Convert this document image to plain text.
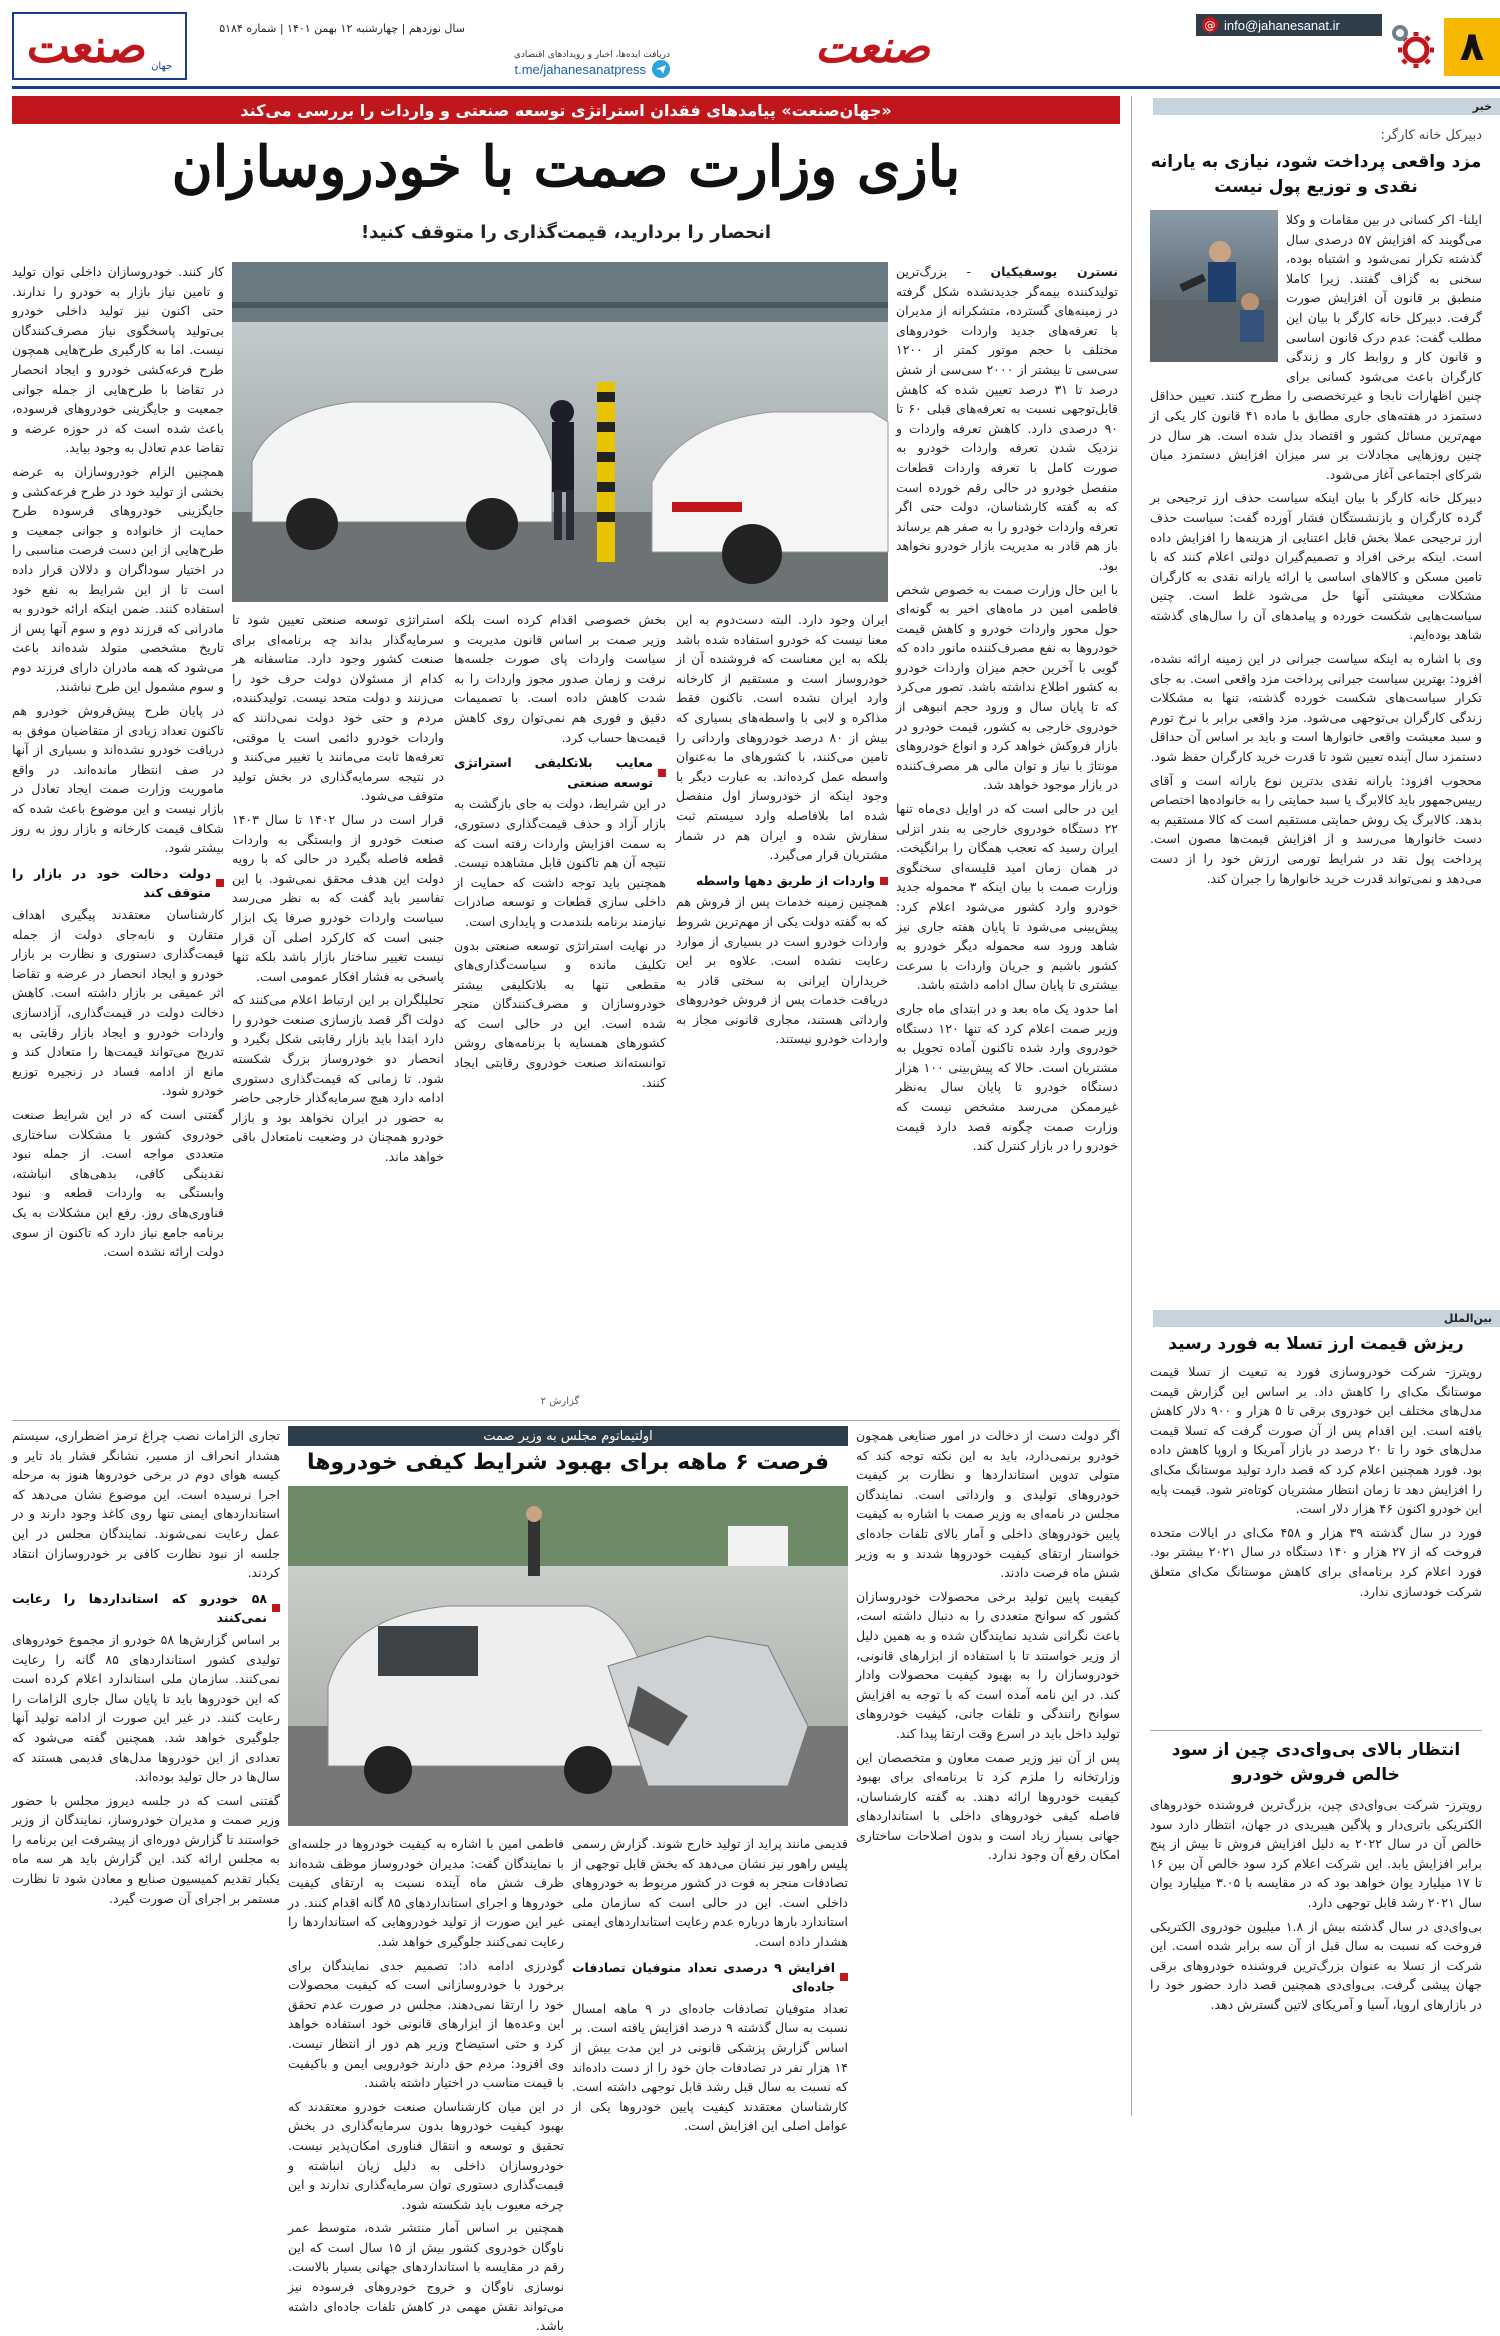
۸
@ info@jahanesanat.ir
صنعت
دریافت ایده‌ها، اخبار و رویدادهای اقتصادی
t.me/jahanesanatpress
سال نوزدهم | چهارشنبه ۱۲ بهمن ۱۴۰۱ | شماره ۵۱۸۴
جهان
صنعت
خبر
دبیرکل خانه کارگر:
مزد واقعی پرداخت شود، نیازی به یارانه نقدی و توزیع پول نیست

ایلنا- اکر کسانی در بین مقامات و وکلا می‌گویند که افزایش ۵۷ درصدی سال گذشته تکرار نمی‌شود و اشتباه بوده، سخنی به گزاف گفتند. زیرا کاملا منطبق بر قانون آن افزایش صورت گرفت. دبیرکل خانه کارگر با بیان این مطلب گفت: عدم درک قانون اساسی و قانون کار و روابط کار و زندگی کارگران باعث می‌شود کسانی برای چنین اظهارات نابجا و غیرتخصصی را مطرح کنند. تعیین حداقل دستمزد در هفته‌های جاری مطابق با ماده ۴۱ قانون کار یکی از مهم‌ترین مسائل کشور و اقتصاد بدل شده است. هر سال در چنین روزهایی مجادلات بر سر میزان افزایش دستمزد میان شرکای اجتماعی آغاز می‌شود.

دبیرکل خانه کارگر با بیان اینکه سیاست حذف ارز ترجیحی بر گرده کارگران و بازنشستگان فشار آورده گفت: سیاست حذف ارز ترجیحی عملا بخش قابل اعتنایی از هزینه‌ها را افزایش داده است. اینکه برخی افراد و تصمیم‌گیران دولتی اعلام کنند که با تامین مسکن و کالاهای اساسی یا ارائه یارانه نقدی به کارگران مشکلات معیشتی آنها حل می‌شود غلط است. چنین سیاست‌هایی شکست خورده و پیامدهای آن را سال‌های گذشته شاهد بوده‌ایم.

وی با اشاره به اینکه سیاست جبرانی در این زمینه ارائه نشده، افزود: بهترین سیاست جبرانی پرداخت مزد واقعی است. به جای تکرار سیاست‌های شکست خورده گذشته، تنها به مشکلات زندگی کارگران بی‌توجهی می‌شود. مزد واقعی برابر با نرخ تورم و سبد معیشت واقعی خانوارها است و باید بر اساس آن حداقل دستمزد سال آینده تعیین شود تا قدرت خرید کارگران حفظ شود.

محجوب افزود: یارانه نقدی بدترین نوع یارانه است و آقای رییس‌جمهور باید کالابرگ یا سبد حمایتی را به خانواده‌ها اختصاص بدهد. کالابرگ یک روش حمایتی مستقیم است که کالا مستقیم به دست خانوارها می‌رسد و از افزایش قیمت‌ها مصون است. پرداخت پول نقد در شرایط تورمی ارزش خود را از دست می‌دهد و نمی‌تواند قدرت خرید خانوارها را جبران کند.

بین‌الملل
ریزش قیمت ارز تسلا به فورد رسید

رویترز- شرکت خودروسازی فورد به تبعیت از تسلا قیمت موستانگ مک‌ای را کاهش داد. بر اساس این گزارش قیمت مدل‌های مختلف این خودروی برقی تا ۵ هزار و ۹۰۰ دلار کاهش یافته است. این اقدام پس از آن صورت گرفت که تسلا قیمت مدل‌های خود را تا ۲۰ درصد در بازار آمریکا و اروپا کاهش داده بود. فورد همچنین اعلام کرد که قصد دارد تولید موستانگ مک‌ای را افزایش دهد تا زمان انتظار مشتریان کوتاه‌تر شود. قیمت پایه این خودرو اکنون ۴۶ هزار دلار است.

فورد در سال گذشته ۳۹ هزار و ۴۵۸ مک‌ای در ایالات متحده فروخت که از ۲۷ هزار و ۱۴۰ دستگاه در سال ۲۰۲۱ بیشتر بود. فورد اعلام کرد برنامه‌ای برای کاهش موستانگ مک‌ای متعلق شرکت خودسازی ندارد.

انتظار بالای بی‌وای‌دی چین از سود خالص فروش خودرو

رویترز- شرکت بی‌وای‌دی چین، بزرگ‌ترین فروشنده خودروهای الکتریکی باتری‌دار و پلاگین هیبریدی در جهان، انتظار دارد سود خالص آن در سال ۲۰۲۲ به دلیل افزایش فروش تا بیش از پنج برابر افزایش یابد. این شرکت اعلام کرد سود خالص آن بین ۱۶ تا ۱۷ میلیارد یوان خواهد بود که در مقایسه با ۳.۰۵ میلیارد یوان سال ۲۰۲۱ رشد قابل توجهی دارد.

بی‌وای‌دی در سال گذشته بیش از ۱.۸ میلیون خودروی الکتریکی فروخت که نسبت به سال قبل از آن سه برابر شده است. این شرکت از تسلا به عنوان بزرگ‌ترین فروشنده خودروهای برقی جهان پیشی گرفت. بی‌وای‌دی همچنین قصد دارد حضور خود را در بازارهای اروپا، آسیا و آمریکای لاتین گسترش دهد.

«جهان‌صنعت» پیامدهای فقدان استراتژی توسعه صنعتی و واردات را بررسی می‌کند
بازی وزارت صمت با خودروسازان
انحصار را بردارید، قیمت‌گذاری را متوقف کنید!

نسترن یوسفیکیان - بزرگ‌ترین تولیدکننده بیمه‌گر جدیدنشده شکل گرفته در زمینه‌های گسترده، متشکرانه از مدیران با تعرفه‌های جدید واردات خودروهای مختلف با حجم موتور کمتر از ۱۲۰۰ سی‌سی تا بیشتر از ۲۰۰۰ سی‌سی از شش درصد تا ۳۱ درصد تعیین شده که کاهش قابل‌توجهی نسبت به تعرفه‌های قبلی ۶۰ تا ۹۰ درصدی دارد. کاهش تعرفه واردات و نزدیک شدن تعرفه واردات خودرو به صورت کامل با تعرفه واردات قطعات منفصل خودرو در حالی رقم خورده است که به گفته کارشناسان، دولت حتی اگر تعرفه واردات خودرو را به صفر هم برساند باز هم قادر به مدیریت بازار خودرو نخواهد بود.

با این حال وزارت صمت به خصوص شخص فاطمی امین در ماه‌های اخیر به گونه‌ای حول محور واردات خودرو و کاهش قیمت خودروها به نفع مصرف‌کننده مانور داده که گویی با آخرین حجم میزان واردات خودرو به کشور اطلاع نداشته باشد. تصور می‌کرد که تا پایان سال و ورود حجم انبوهی از خودروی خارجی به کشور، قیمت خودرو در بازار فروکش خواهد کرد و انواع خودروهای مونتاژ با نیاز و توان مالی هر مصرف‌کننده در بازار موجود خواهد شد.

این در حالی است که در اوایل دی‌ماه تنها ۲۲ دستگاه خودروی خارجی به بندر انزلی ایران رسید که تعجب همگان را برانگیخت. در همان زمان امید قلیسه‌ای سخنگوی وزارت صمت با بیان اینکه ۳ محموله جدید خودرو وارد کشور می‌شود اعلام کرد: پیش‌بینی می‌شود تا پایان هفته جاری نیز شاهد ورود سه محموله دیگر خودرو به کشور باشیم و جریان واردات با سرعت بیشتری تا پایان سال ادامه داشته باشد.

اما حدود یک ماه بعد و در ابتدای ماه جاری وزیر صمت اعلام کرد که تنها ۱۲۰ دستگاه خودروی وارد شده تاکنون آماده تحویل به مشتریان است. حالا که پیش‌بینی ۱۰۰ هزار دستگاه خودرو تا پایان سال به‌نظر غیرممکن می‌رسد مشخص نیست که وزارت صمت چگونه قصد دارد قیمت خودرو را در بازار کنترل کند.

ایران وجود دارد. البته دست‌دوم به این معنا نیست که خودرو استفاده شده باشد بلکه به این معناست که فروشنده آن از خودروساز است و مستقیم از کارخانه وارد ایران نشده است. تاکنون فقط مذاکره و لابی با واسطه‌های بسیاری که بیش از ۸۰ درصد خودروهای وارداتی را تامین می‌کنند، با کشورهای ما به‌عنوان واسطه عمل کرده‌اند. به عبارت دیگر با وجود اینکه از خودروساز اول منفصل شده اما بلافاصله وارد سیستم ثبت سفارش شده و ایران هم در شمار مشتریان قرار می‌گیرد.

واردات از طریق دهها واسطه

همچنین زمینه خدمات پس از فروش هم که به گفته دولت یکی از مهم‌ترین شروط واردات خودرو است در بسیاری از موارد رعایت نشده است. علاوه بر این خریداران ایرانی به سختی قادر به دریافت خدمات پس از فروش خودروهای وارداتی هستند، مجاری قانونی مجاز به واردات خودرو نیستند.

بخش خصوصی اقدام کرده است بلکه وزیر صمت بر اساس قانون مدیریت و سیاست واردات پای صورت جلسه‌ها نرفت و زمان صدور مجوز واردات را به شدت کاهش داده است. با تصمیمات دقیق و فوری هم نمی‌توان روی کاهش قیمت‌ها حساب کرد.

معایب بلاتکلیفی استراتژی توسعه صنعتی

در این شرایط، دولت به جای بازگشت به بازار آزاد و حذف قیمت‌گذاری دستوری، به سمت افزایش واردات رفته است که نتیجه آن هم تاکنون قابل مشاهده نیست. همچنین باید توجه داشت که حمایت از داخلی سازی قطعات و توسعه صادرات نیازمند برنامه بلندمدت و پایداری است.

در نهایت استراتژی توسعه صنعتی بدون تکلیف مانده و سیاست‌گذاری‌های مقطعی تنها به بلاتکلیفی بیشتر خودروسازان و مصرف‌کنندگان منجر شده است. این در حالی است که کشورهای همسایه با برنامه‌های روشن توانسته‌اند صنعت خودروی رقابتی ایجاد کنند.

استراتژی توسعه صنعتی تعیین شود تا سرمایه‌گذار بداند چه برنامه‌ای برای صنعت کشور وجود دارد. متاسفانه هر کدام از مسئولان دولت حرف خود را می‌زنند و دولت متحد نیست. تولیدکننده، مردم و حتی خود دولت نمی‌دانند که واردات خودرو دائمی است یا موقتی، تعرفه‌ها ثابت می‌مانند یا تغییر می‌کنند و در نتیجه سرمایه‌گذاری در بخش تولید متوقف می‌شود.

قرار است در سال ۱۴۰۲ تا سال ۱۴۰۳ صنعت خودرو از وابستگی به واردات قطعه فاصله بگیرد در حالی که با رویه دولت این هدف محقق نمی‌شود. با این تفاسیر باید گفت که به نظر می‌رسد سیاست واردات خودرو صرفا یک ابزار جنبی است که کارکرد اصلی آن قرار نیست تغییر ساختار بازار باشد بلکه تنها پاسخی به فشار افکار عمومی است.

تحلیلگران بر این ارتباط اعلام می‌کنند که دولت اگر قصد بازسازی صنعت خودرو را دارد ابتدا باید بازار رقابتی شکل بگیرد و انحصار دو خودروساز بزرگ شکسته شود. تا زمانی که قیمت‌گذاری دستوری ادامه دارد هیچ سرمایه‌گذار خارجی حاضر به حضور در ایران نخواهد بود و بازار خودرو همچنان در وضعیت نامتعادل باقی خواهد ماند.

کار کنند. خودروسازان داخلی توان تولید و تامین نیاز بازار به خودرو را ندارند. حتی اکنون نیز تولید داخلی خودرو بی‌تولید پاسخگوی نیاز مصرف‌کنندگان نیست. اما به کارگیری طرح‌هایی همچون طرح فرعه‌کشی خودرو و ایجاد انحصار در تقاضا با طرح‌هایی از جمله جوانی جمعیت و جایگزینی خودروهای فرسوده، باعث شده است که در حوزه عرضه و تقاضا عدم تعادل به وجود بیاید.

همچنین الزام خودروسازان به عرضه بخشی از تولید خود در طرح فرعه‌کشی و جایگزینی خودروهای فرسوده طرح حمایت از خانواده و جوانی جمعیت و طرح‌هایی از این دست فرصت مناسبی را در اختیار سوداگران و دلالان قرار داده است تا از این شرایط به نفع خود استفاده کنند. ضمن اینکه ارائه خودرو به مادرانی که فرزند دوم و سوم آنها پس از تاریخ مشخصی متولد شده‌اند باعث می‌شود که همه مادران دارای فرزند دوم و سوم مشمول این طرح نباشند.

در پایان طرح پیش‌فروش خودرو هم تاکنون تعداد زیادی از متقاضیان موفق به دریافت خودرو نشده‌اند و بسیاری از آنها در صف انتظار مانده‌اند. در واقع ماموریت وزارت صمت ایجاد تعادل در بازار نیست و این موضوع باعث شده که شکاف قیمت کارخانه و بازار روز به روز بیشتر شود.

دولت دخالت خود در بازار را متوقف کند

کارشناسان معتقدند پیگیری اهداف متقارن و نابه‌جای دولت از جمله قیمت‌گذاری دستوری و نظارت بر بازار خودرو و ایجاد انحصار در عرضه و تقاضا اثر عمیقی بر بازار داشته است. کاهش دخالت دولت در قیمت‌گذاری، آزادسازی واردات خودرو و ایجاد بازار رقابتی به تدریج می‌تواند قیمت‌ها را متعادل کند و مانع از ادامه فساد در زنجیره توزیع خودرو شود.

گفتنی است که در این شرایط صنعت خودروی کشور با مشکلات ساختاری متعددی مواجه است. از جمله نبود نقدینگی کافی، بدهی‌های انباشته، وابستگی به واردات قطعه و نبود فناوری‌های روز. رفع این مشکلات به یک برنامه جامع نیاز دارد که تاکنون از سوی دولت ارائه نشده است.

گزارش ۲
اولتیماتوم مجلس به وزیر صمت
فرصت ۶ ماهه برای بهبود شرایط کیفی خودروها

اگر دولت دست از دخالت در امور صنایعی همچون خودرو برنمی‌دارد، باید به این نکته توجه کند که متولی تدوین استانداردها و نظارت بر کیفیت خودروهای تولیدی و وارداتی است. نمایندگان مجلس در نامه‌ای به وزیر صمت با اشاره به کیفیت پایین خودروهای داخلی و آمار بالای تلفات جاده‌ای خواستار ارتقای کیفیت خودروها شدند و به وزیر شش ماه فرصت دادند.

کیفیت پایین تولید برخی محصولات خودروسازان کشور که سوانح متعددی را به دنبال داشته است، باعث نگرانی شدید نمایندگان شده و به همین دلیل از وزیر خواستند تا با استفاده از ابزارهای قانونی، خودروسازان را به بهبود کیفیت محصولات وادار کند. در این نامه آمده است که با توجه به افزایش سوانح رانندگی و تلفات جانی، کیفیت خودروهای تولید داخل باید در اسرع وقت ارتقا پیدا کند.

پس از آن نیز وزیر صمت معاون و متخصصان این وزارتخانه را ملزم کرد تا برنامه‌ای برای بهبود کیفیت خودروها ارائه دهند. به گفته کارشناسان، فاصله کیفی خودروهای داخلی با استانداردهای جهانی بسیار زیاد است و بدون اصلاحات ساختاری امکان رفع آن وجود ندارد.

قدیمی مانند پراید از تولید خارج شوند. گزارش رسمی پلیس راهور نیز نشان می‌دهد که بخش قابل توجهی از تصادفات منجر به فوت در کشور مربوط به خودروهای داخلی است. این در حالی است که سازمان ملی استاندارد بارها درباره عدم رعایت استانداردهای ایمنی هشدار داده است.

افزایش ۹ درصدی تعداد متوفیان تصادفات جاده‌ای

تعداد متوفیان تصادفات جاده‌ای در ۹ ماهه امسال نسبت به سال گذشته ۹ درصد افزایش یافته است. بر اساس گزارش پزشکی قانونی در این مدت بیش از ۱۴ هزار نفر در تصادفات جان خود را از دست داده‌اند که نسبت به سال قبل رشد قابل توجهی داشته است. کارشناسان معتقدند کیفیت پایین خودروها یکی از عوامل اصلی این افزایش است.

فاطمی امین با اشاره به کیفیت خودروها در جلسه‌ای با نمایندگان گفت: مدیران خودروساز موظف شده‌اند ظرف شش ماه آینده نسبت به ارتقای کیفیت خودروها و اجرای استانداردهای ۸۵ گانه اقدام کنند. در غیر این صورت از تولید خودروهایی که استانداردها را رعایت نمی‌کنند جلوگیری خواهد شد.

گودرزی ادامه داد: تصمیم جدی نمایندگان برای برخورد با خودروسازانی است که کیفیت محصولات خود را ارتقا نمی‌دهند. مجلس در صورت عدم تحقق این وعده‌ها از ابزارهای قانونی خود استفاده خواهد کرد و حتی استیضاح وزیر هم دور از انتظار نیست. وی افزود: مردم حق دارند خودرویی ایمن و باکیفیت با قیمت مناسب در اختیار داشته باشند.

در این میان کارشناسان صنعت خودرو معتقدند که بهبود کیفیت خودروها بدون سرمایه‌گذاری در بخش تحقیق و توسعه و انتقال فناوری امکان‌پذیر نیست. خودروسازان داخلی به دلیل زیان انباشته و قیمت‌گذاری دستوری توان سرمایه‌گذاری ندارند و این چرخه معیوب باید شکسته شود.

همچنین بر اساس آمار منتشر شده، متوسط عمر ناوگان خودروی کشور بیش از ۱۵ سال است که این رقم در مقایسه با استانداردهای جهانی بسیار بالاست. نوسازی ناوگان و خروج خودروهای فرسوده نیز می‌تواند نقش مهمی در کاهش تلفات جاده‌ای داشته باشد.

تجاری الزامات نصب چراغ ترمز اضطراری، سیستم هشدار انحراف از مسیر، نشانگر فشار باد تایر و کیسه هوای دوم در برخی خودروها هنوز به مرحله اجرا نرسیده است. این موضوع نشان می‌دهد که استانداردهای ایمنی تنها روی کاغذ وجود دارند و در عمل رعایت نمی‌شوند. نمایندگان مجلس در این جلسه از نبود نظارت کافی بر خودروسازان انتقاد کردند.

۵۸ خودرو که استانداردها را رعایت نمی‌کنند

بر اساس گزارش‌ها ۵۸ خودرو از مجموع خودروهای تولیدی کشور استانداردهای ۸۵ گانه را رعایت نمی‌کنند. سازمان ملی استاندارد اعلام کرده است که این خودروها باید تا پایان سال جاری الزامات را رعایت کنند. در غیر این صورت از ادامه تولید آنها جلوگیری خواهد شد. همچنین گفته می‌شود که تعدادی از این خودروها مدل‌های قدیمی هستند که سال‌ها در حال تولید بوده‌اند.

گفتنی است که در جلسه دیروز مجلس با حضور وزیر صمت و مدیران خودروساز، نمایندگان از وزیر خواستند تا گزارش دوره‌ای از پیشرفت این برنامه را به مجلس ارائه کند. این گزارش باید هر سه ماه یکبار تقدیم کمیسیون صنایع و معادن شود تا نظارت مستمر بر اجرای آن صورت گیرد.
